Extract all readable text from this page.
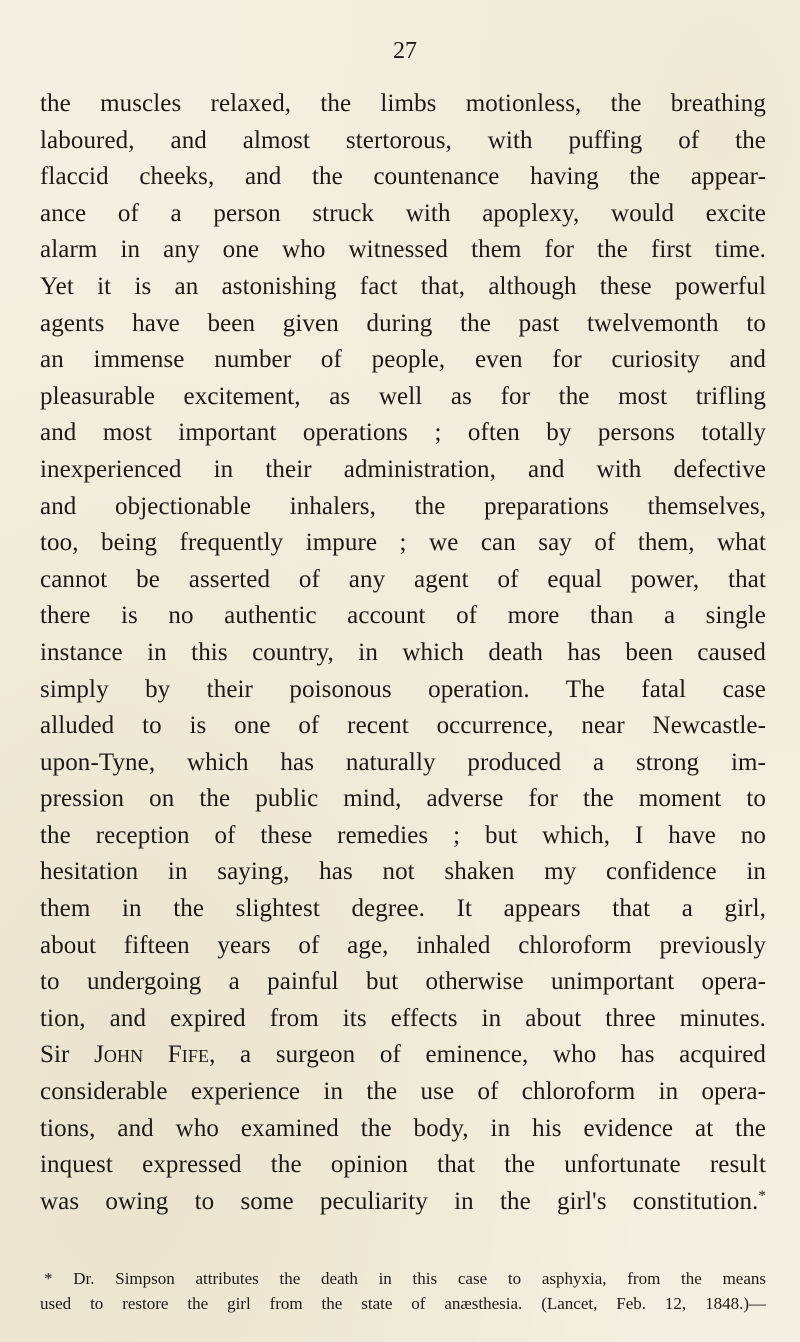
27
the muscles relaxed, the limbs motionless, the breathing
laboured, and almost stertorous, with puffing of the
flaccid cheeks, and the countenance having the appear-
ance of a person struck with apoplexy, would excite
alarm in any one who witnessed them for the first time.
Yet it is an astonishing fact that, although these powerful
agents have been given during the past twelvemonth to
an immense number of people, even for curiosity and
pleasurable excitement, as well as for the most trifling
and most important operations ; often by persons totally
inexperienced in their administration, and with defective
and objectionable inhalers, the preparations themselves,
too, being frequently impure ; we can say of them, what
cannot be asserted of any agent of equal power, that
there is no authentic account of more than a single
instance in this country, in which death has been caused
simply by their poisonous operation. The fatal case
alluded to is one of recent occurrence, near Newcastle-
upon-Tyne, which has naturally produced a strong im-
pression on the public mind, adverse for the moment to
the reception of these remedies ; but which, I have no
hesitation in saying, has not shaken my confidence in
them in the slightest degree. It appears that a girl,
about fifteen years of age, inhaled chloroform previously
to undergoing a painful but otherwise unimportant opera-
tion, and expired from its effects in about three minutes.
Sir John Fife, a surgeon of eminence, who has acquired
considerable experience in the use of chloroform in opera-
tions, and who examined the body, in his evidence at the
inquest expressed the opinion that the unfortunate result
was owing to some peculiarity in the girl's constitution.*
* Dr. Simpson attributes the death in this case to asphyxia, from the means
used to restore the girl from the state of anæsthesia. (Lancet, Feb. 12, 1848.)—
